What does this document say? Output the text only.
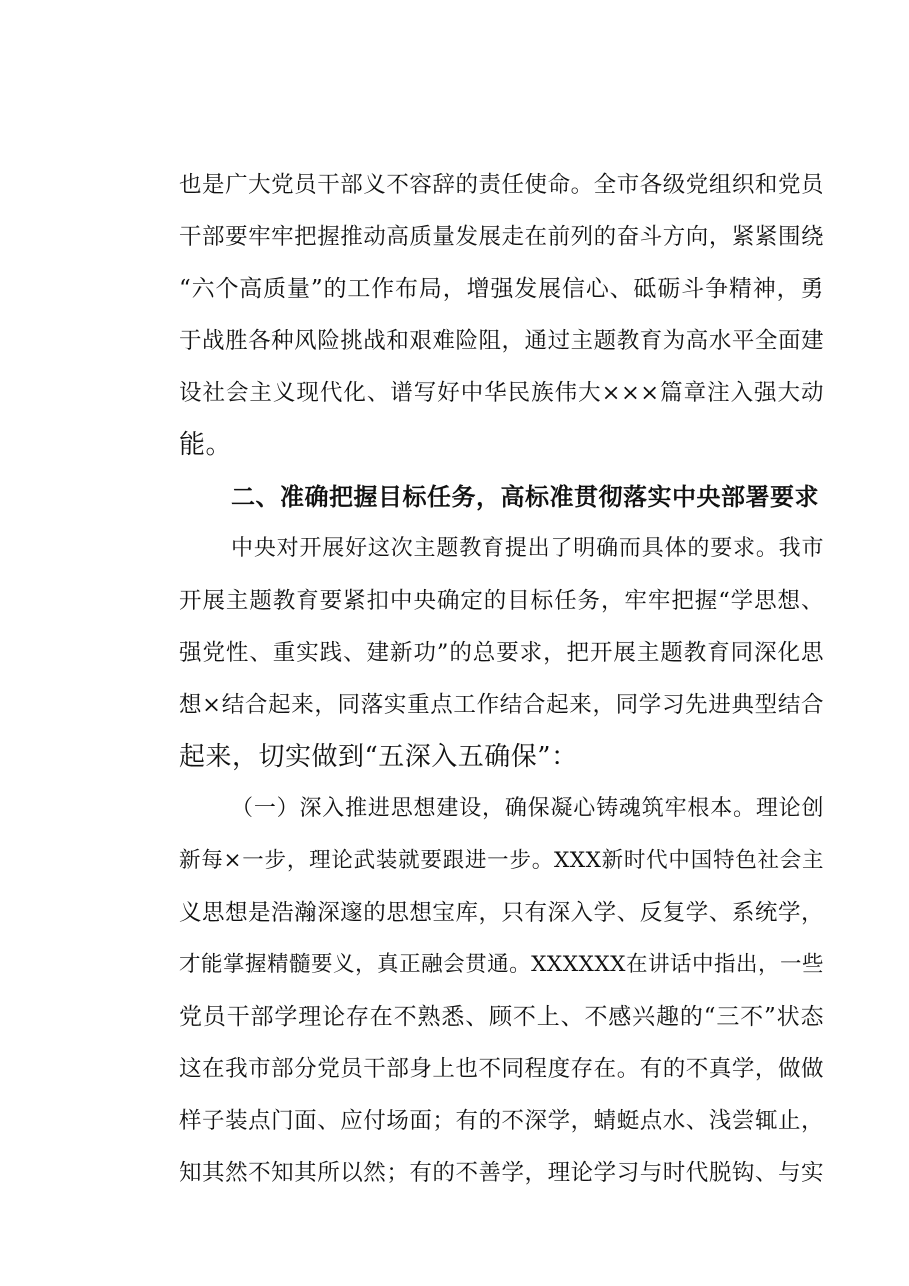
也是广大党员干部义不容辞的责任使命。全市各级党组织和党员
干部要牢牢把握推动高质量发展走在前列的奋斗方向，紧紧围绕
“六个高质量”的工作布局，增强发展信心、砥砺斗争精神，勇
于战胜各种风险挑战和艰难险阻，通过主题教育为高水平全面建
设社会主义现代化、谱写好中华民族伟大×××篇章注入强大动
能。
二、准确把握目标任务，高标准贯彻落实中央部署要求
中央对开展好这次主题教育提出了明确而具体的要求。我市
开展主题教育要紧扣中央确定的目标任务，牢牢把握“学思想、
强党性、重实践、建新功”的总要求，把开展主题教育同深化思
想×结合起来，同落实重点工作结合起来，同学习先进典型结合
起来，切实做到“五深入五确保”：
（一）深入推进思想建设，确保凝心铸魂筑牢根本。理论创
新每×一步，理论武装就要跟进一步。XXX新时代中国特色社会主
义思想是浩瀚深邃的思想宝库，只有深入学、反复学、系统学，
才能掌握精髓要义，真正融会贯通。XXXXXX在讲话中指出，一些
党员干部学理论存在不熟悉、顾不上、不感兴趣的“三不”状态
这在我市部分党员干部身上也不同程度存在。有的不真学，做做
样子装点门面、应付场面；有的不深学，蜻蜓点水、浅尝辄止，
知其然不知其所以然；有的不善学，理论学习与时代脱钩、与实
